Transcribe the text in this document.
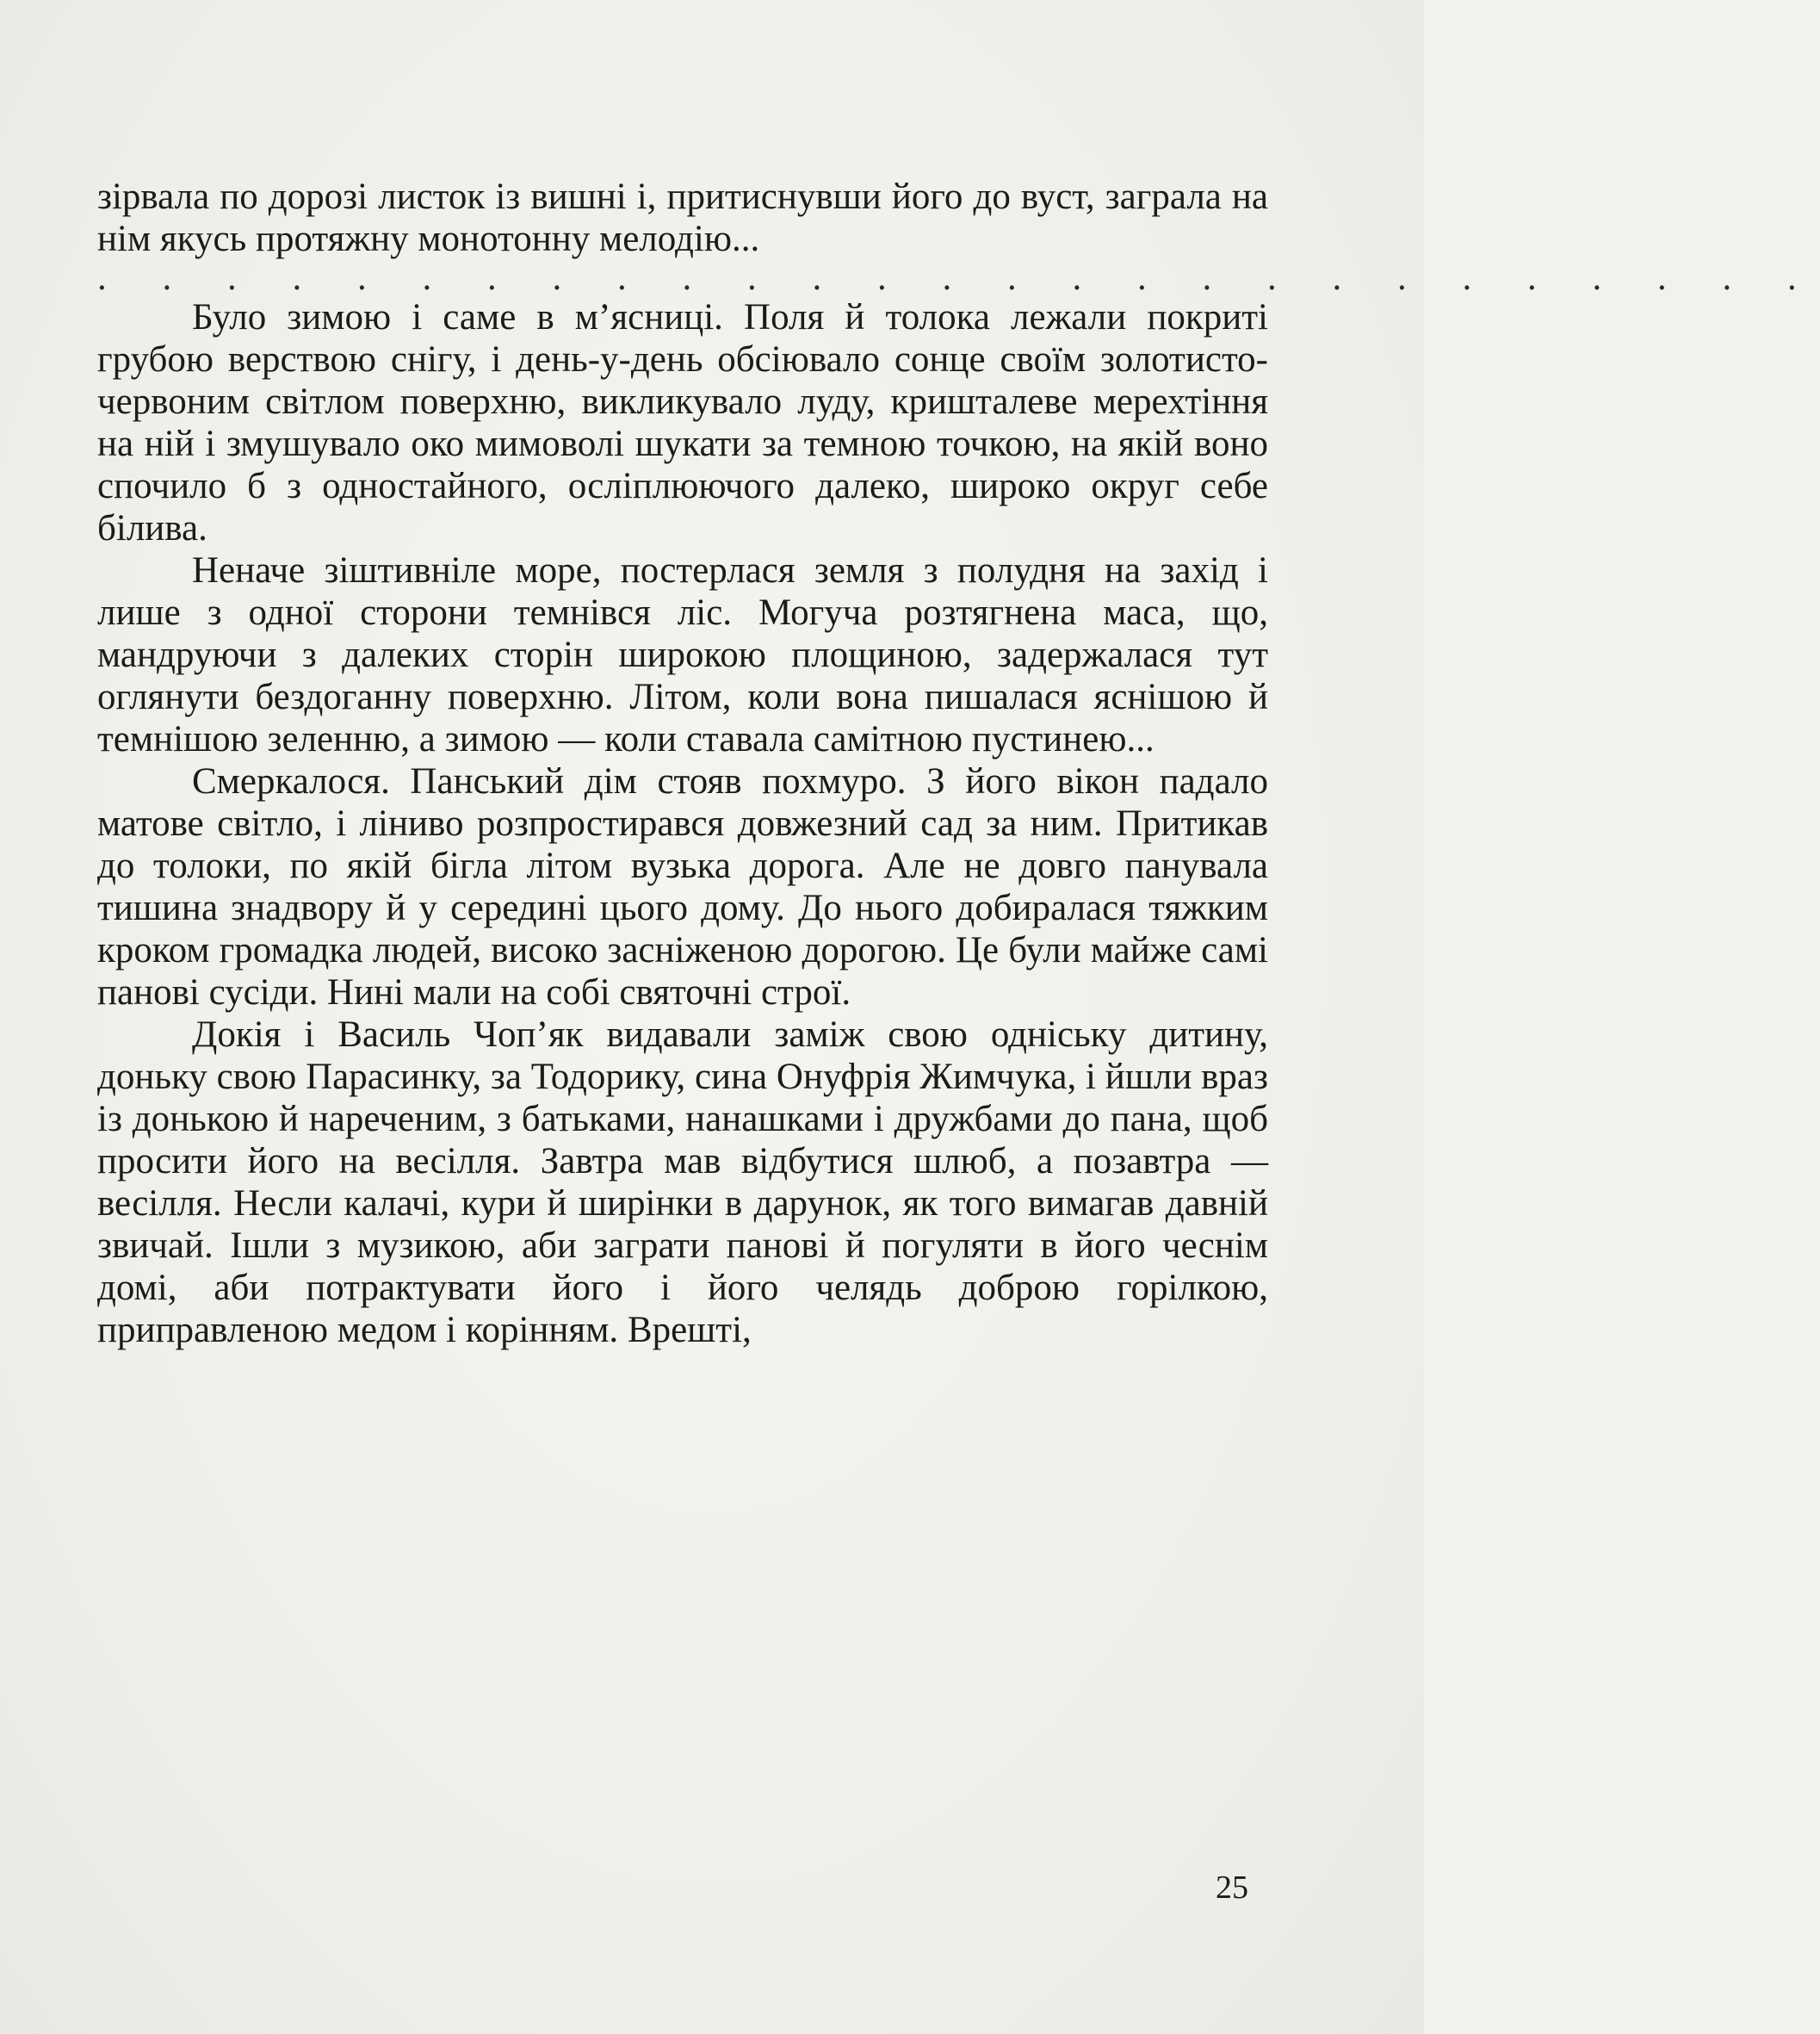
зірвала по дорозі листок із вишні і, притиснувши його до вуст, заграла на нім якусь протяжну монотонну мелодію...

. . . . . . . . . . . . . . . . . . . . . . . . . . .

Було зимою і саме в м’ясниці. Поля й толока лежали покриті грубою верствою снігу, і день-у-день обсіювало сонце своїм золотисто-червоним світлом поверхню, викликувало луду, кришталеве мерехтіння на ній і змушувало око мимоволі шукати за темною точкою, на якій воно спочило б з одностайного, осліплюючого далеко, широко округ себе білива.

Неначе зіштивніле море, постерлася земля з полудня на захід і лише з одної сторони темнівся ліс. Могуча розтягнена маса, що, мандруючи з далеких сторін широкою площиною, задержалася тут оглянути бездоганну поверхню. Літом, коли вона пишалася яснішою й темнішою зеленню, а зимою — коли ставала самітною пустинею...

Смеркалося. Панський дім стояв похмуро. З його вікон падало матове світло, і ліниво розпростирався довжезний сад за ним. Притикав до толоки, по якій бігла літом вузька дорога. Але не довго панувала тишина знадвору й у середині цього дому. До нього добиралася тяжким кроком громадка людей, високо засніженою дорогою. Це були майже самі панові сусіди. Нині мали на собі святочні строї.

Докія і Василь Чоп’як видавали заміж свою одніську дитину, доньку свою Парасинку, за Тодорику, сина Онуфрія Жимчука, і йшли враз із донькою й нареченим, з батьками, нанашками і дружбами до пана, щоб просити його на весілля. Завтра мав відбутися шлюб, а позавтра — весілля. Несли калачі, кури й ширінки в дарунок, як того вимагав давній звичай. Ішли з музикою, аби заграти панові й погуляти в його чеснім домі, аби потрактувати його і його челядь доброю горілкою, приправленою медом і корінням. Врешті,

25
